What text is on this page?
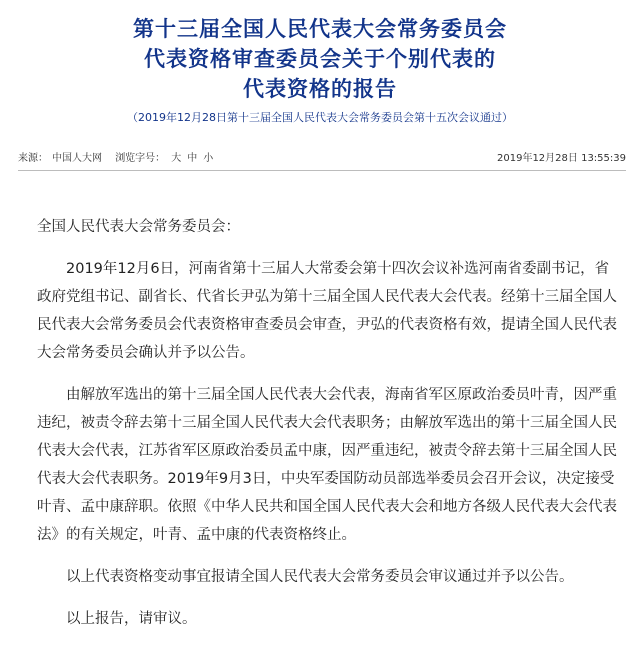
第十三届全国人民代表大会常务委员会
代表资格审查委员会关于个别代表的
代表资格的报告
（2019年12月28日第十三届全国人民代表大会常务委员会第十五次会议通过）
来源： 中国人大网 浏览字号： 大 中 小	2019年12月28日 13:55:39

全国人民代表大会常务委员会：

2019年12月6日，河南省第十三届人大常委会第十四次会议补选河南省委副书记，省政府党组书记、副省长、代省长尹弘为第十三届全国人民代表大会代表。经第十三届全国人民代表大会常务委员会代表资格审查委员会审查，尹弘的代表资格有效，提请全国人民代表大会常务委员会确认并予以公告。

由解放军选出的第十三届全国人民代表大会代表，海南省军区原政治委员叶青，因严重违纪，被责令辞去第十三届全国人民代表大会代表职务；由解放军选出的第十三届全国人民代表大会代表，江苏省军区原政治委员孟中康，因严重违纪，被责令辞去第十三届全国人民代表大会代表职务。2019年9月3日，中央军委国防动员部选举委员会召开会议，决定接受叶青、孟中康辞职。依照《中华人民共和国全国人民代表大会和地方各级人民代表大会代表法》的有关规定，叶青、孟中康的代表资格终止。

以上代表资格变动事宜报请全国人民代表大会常务委员会审议通过并予以公告。

以上报告，请审议。
